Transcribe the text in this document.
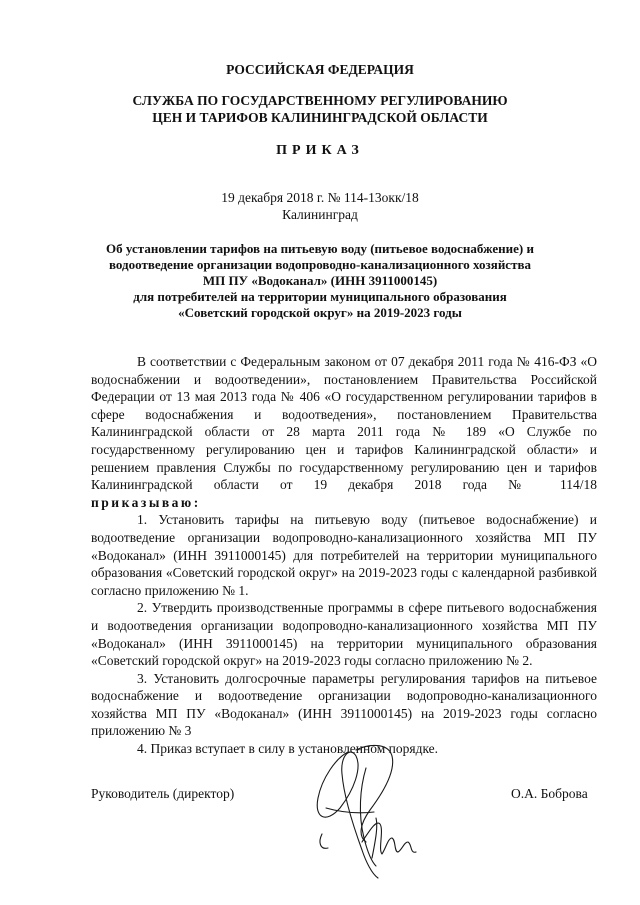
РОССИЙСКАЯ ФЕДЕРАЦИЯ
СЛУЖБА ПО ГОСУДАРСТВЕННОМУ РЕГУЛИРОВАНИЮ
ЦЕН И ТАРИФОВ КАЛИНИНГРАДСКОЙ ОБЛАСТИ
ПРИКАЗ
19 декабря 2018 г. № 114-13окк/18
Калининград
Об установлении тарифов на питьевую воду (питьевое водоснабжение) и
водоотведение организации водопроводно-канализационного хозяйства
МП ПУ «Водоканал» (ИНН 3911000145)
для потребителей на территории муниципального образования
«Советский городской округ» на 2019-2023 годы

В соответствии с Федеральным законом от 07 декабря 2011 года № 416-ФЗ «О водоснабжении и водоотведении», постановлением Правительства Российской Федерации от 13 мая 2013 года № 406 «О государственном регулировании тарифов в сфере водоснабжения и водоотведения», постановлением Правительства Калининградской области от 28 марта 2011 года № 189 «О Службе по государственному регулированию цен и тарифов Калининградской области» и решением правления Службы по государственному регулированию цен и тарифов Калининградской области от 19 декабря 2018 года № 114/18

приказываю:

1. Установить тарифы на питьевую воду (питьевое водоснабжение) и водоотведение организации водопроводно-канализационного хозяйства МП ПУ «Водоканал» (ИНН 3911000145) для потребителей на территории муниципального образования «Советский городской округ» на 2019-2023 годы с календарной разбивкой согласно приложению № 1.

2. Утвердить производственные программы в сфере питьевого водоснабжения и водоотведения организации водопроводно-канализационного хозяйства МП ПУ «Водоканал» (ИНН 3911000145) на территории муниципального образования «Советский городской округ» на 2019-2023 годы согласно приложению № 2.

3. Установить долгосрочные параметры регулирования тарифов на питьевое водоснабжение и водоотведение организации водопроводно-канализационного хозяйства МП ПУ «Водоканал» (ИНН 3911000145) на 2019-2023 годы согласно приложению № 3

4. Приказ вступает в силу в установленном порядке.

Руководитель (директор)	О.А. Боброва
